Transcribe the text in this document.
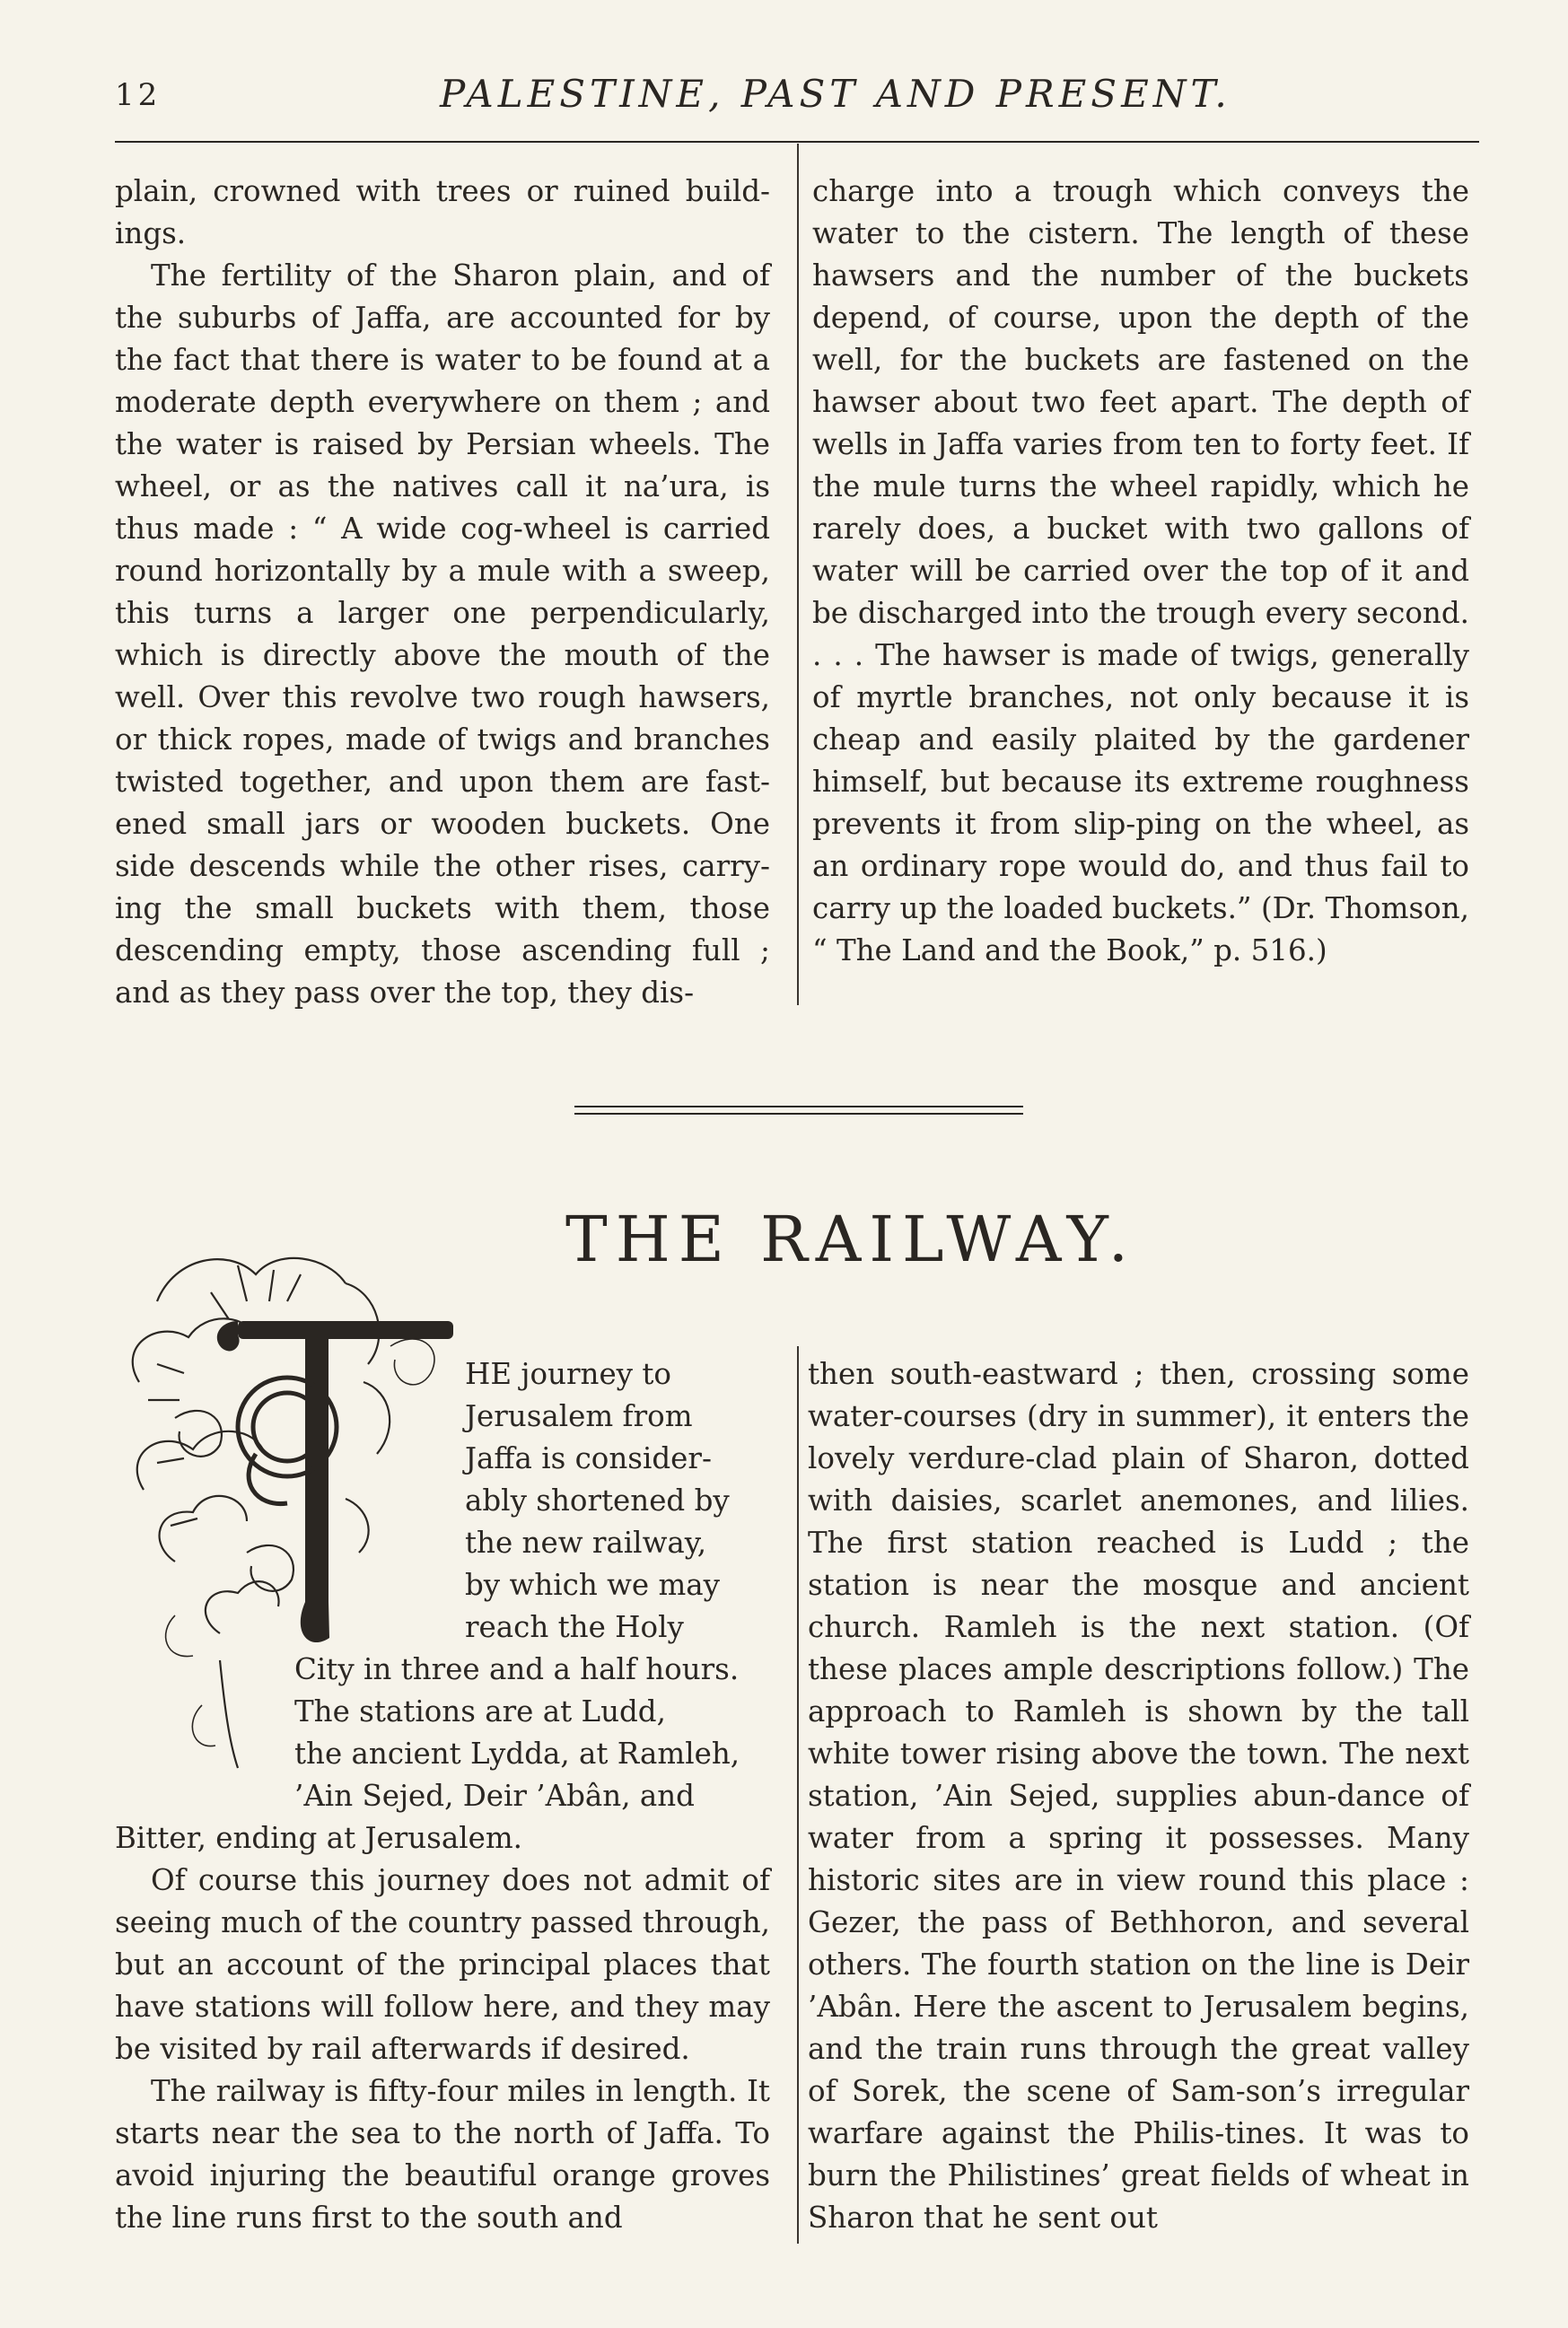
12	PALESTINE, PAST AND PRESENT.

plain, crowned with trees or ruined build-ings.

The fertility of the Sharon plain, and of the suburbs of Jaffa, are accounted for by the fact that there is water to be found at a moderate depth everywhere on them ; and the water is raised by Persian wheels. The wheel, or as the natives call it na’ura, is thus made : “ A wide cog-wheel is carried round horizontally by a mule with a sweep, this turns a larger one perpendicularly, which is directly above the mouth of the well. Over this revolve two rough hawsers, or thick ropes, made of twigs and branches twisted together, and upon them are fast-ened small jars or wooden buckets. One side descends while the other rises, carry-ing the small buckets with them, those descending empty, those ascending full ; and as they pass over the top, they dis-

charge into a trough which conveys the water to the cistern. The length of these hawsers and the number of the buckets depend, of course, upon the depth of the well, for the buckets are fastened on the hawser about two feet apart. The depth of wells in Jaffa varies from ten to forty feet. If the mule turns the wheel rapidly, which he rarely does, a bucket with two gallons of water will be carried over the top of it and be discharged into the trough every second. . . . The hawser is made of twigs, generally of myrtle branches, not only because it is cheap and easily plaited by the gardener himself, but because its extreme roughness prevents it from slip-ping on the wheel, as an ordinary rope would do, and thus fail to carry up the loaded buckets.” (Dr. Thomson, “ The Land and the Book,” p. 516.)

THE RAILWAY.
HE journey to
Jerusalem from
Jaffa is consider-
ably shortened by
the new railway,
by which we may
reach the Holy
City in three and a half hours.
The stations are at Ludd,
the ancient Lydda, at Ramleh,
’Ain Sejed, Deir ’Abân, and
Bitter, ending at Jerusalem.

Of course this journey does not admit of seeing much of the country passed through, but an account of the principal places that have stations will follow here, and they may be visited by rail afterwards if desired.

The railway is fifty-four miles in length. It starts near the sea to the north of Jaffa. To avoid injuring the beautiful orange groves the line runs first to the south and

then south-eastward ; then, crossing some water-courses (dry in summer), it enters the lovely verdure-clad plain of Sharon, dotted with daisies, scarlet anemones, and lilies. The first station reached is Ludd ; the station is near the mosque and ancient church. Ramleh is the next station. (Of these places ample descriptions follow.) The approach to Ramleh is shown by the tall white tower rising above the town. The next station, ’Ain Sejed, supplies abun-dance of water from a spring it possesses. Many historic sites are in view round this place : Gezer, the pass of Bethhoron, and several others. The fourth station on the line is Deir ’Abân. Here the ascent to Jerusalem begins, and the train runs through the great valley of Sorek, the scene of Sam-son’s irregular warfare against the Philis-tines. It was to burn the Philistines’ great fields of wheat in Sharon that he sent out
